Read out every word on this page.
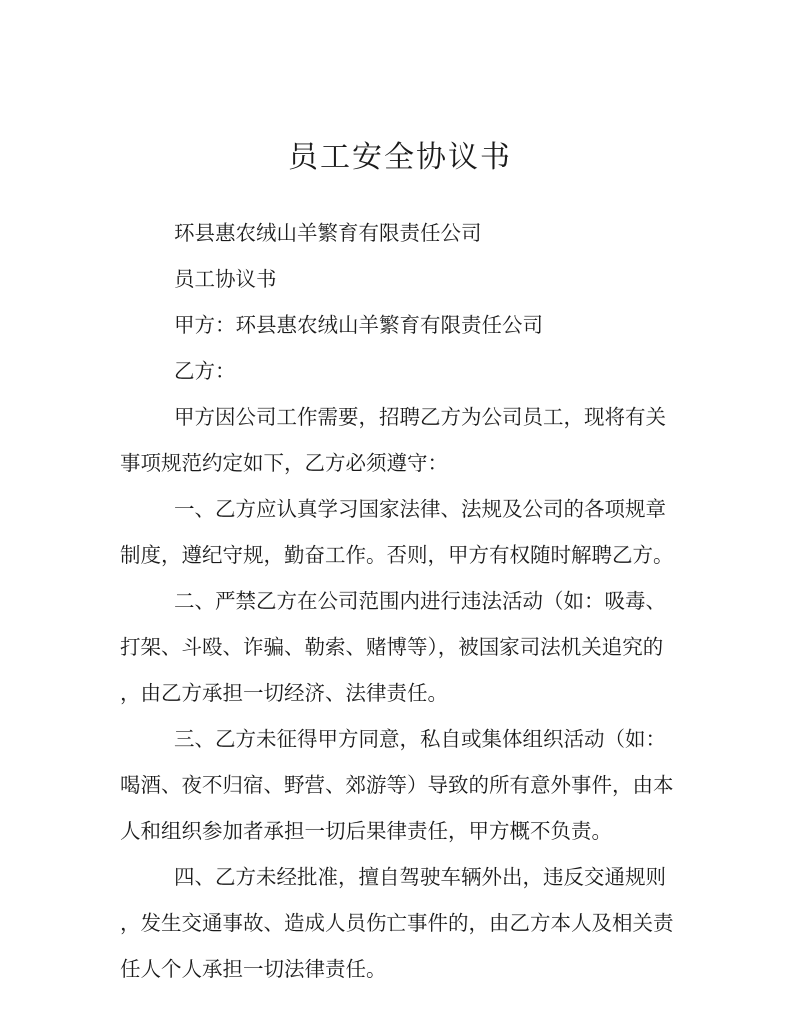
员工安全协议书
环县惠农绒山羊繁育有限责任公司
员工协议书
甲方：环县惠农绒山羊繁育有限责任公司
乙方：
甲方因公司工作需要，招聘乙方为公司员工，现将有关
事项规范约定如下，乙方必须遵守：
一、乙方应认真学习国家法律、法规及公司的各项规章
制度，遵纪守规，勤奋工作。否则，甲方有权随时解聘乙方。
二、严禁乙方在公司范围内进行违法活动（如：吸毒、
打架、斗殴、诈骗、勒索、赌博等），被国家司法机关追究的
，由乙方承担一切经济、法律责任。
三、乙方未征得甲方同意，私自或集体组织活动（如：
喝酒、夜不归宿、野营、郊游等）导致的所有意外事件，由本
人和组织参加者承担一切后果律责任，甲方概不负责。
四、乙方未经批准，擅自驾驶车辆外出，违反交通规则
，发生交通事故、造成人员伤亡事件的，由乙方本人及相关责
任人个人承担一切法律责任。
